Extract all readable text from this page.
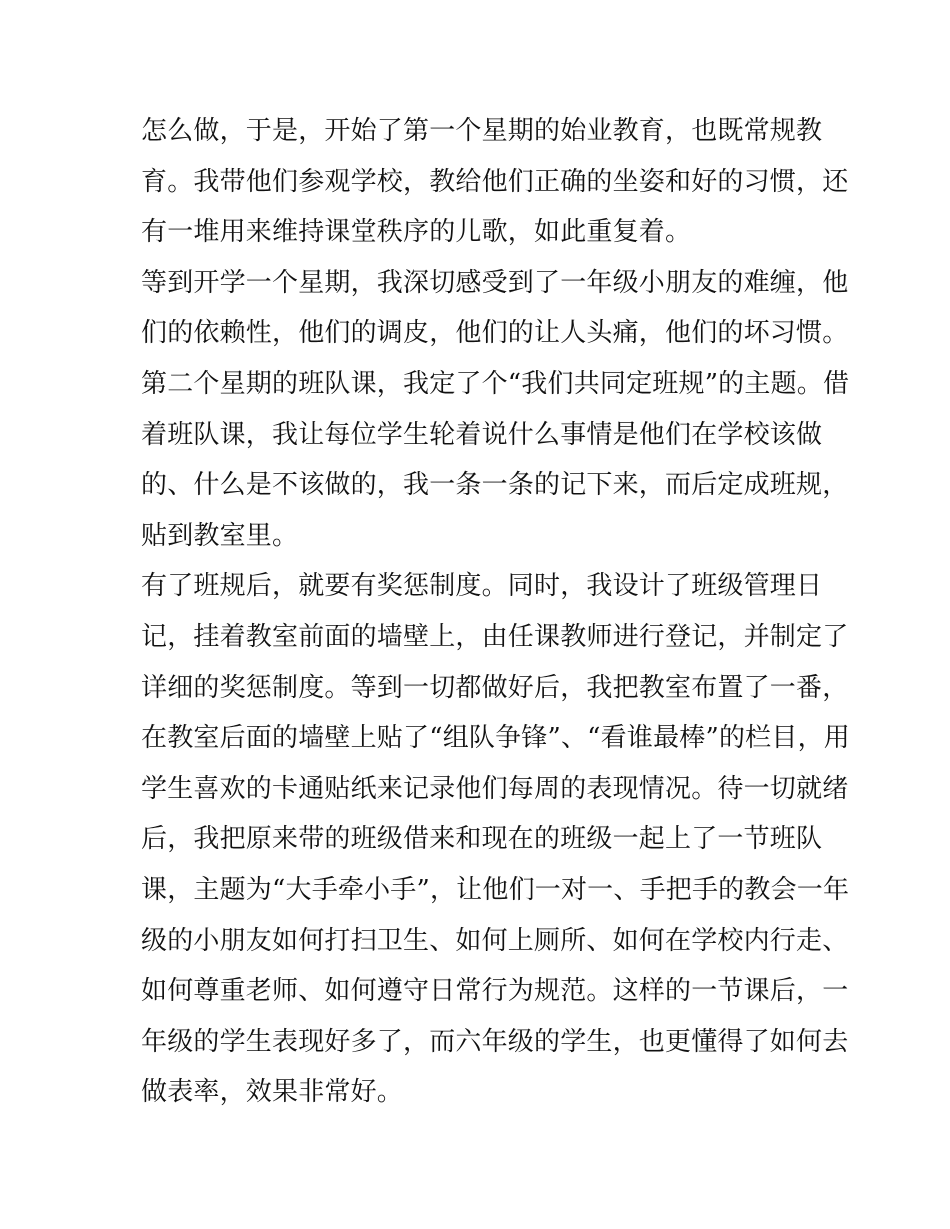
怎么做，于是，开始了第一个星期的始业教育，也既常规教
育。我带他们参观学校，教给他们正确的坐姿和好的习惯，还
有一堆用来维持课堂秩序的儿歌，如此重复着。
等到开学一个星期，我深切感受到了一年级小朋友的难缠，他
们的依赖性，他们的调皮，他们的让人头痛，他们的坏习惯。
第二个星期的班队课，我定了个“我们共同定班规”的主题。借
着班队课，我让每位学生轮着说什么事情是他们在学校该做
的、什么是不该做的，我一条一条的记下来，而后定成班规，
贴到教室里。
有了班规后，就要有奖惩制度。同时，我设计了班级管理日
记，挂着教室前面的墙壁上，由任课教师进行登记，并制定了
详细的奖惩制度。等到一切都做好后，我把教室布置了一番，
在教室后面的墙壁上贴了“组队争锋”、“看谁最棒”的栏目，用
学生喜欢的卡通贴纸来记录他们每周的表现情况。待一切就绪
后，我把原来带的班级借来和现在的班级一起上了一节班队
课，主题为“大手牵小手”，让他们一对一、手把手的教会一年
级的小朋友如何打扫卫生、如何上厕所、如何在学校内行走、
如何尊重老师、如何遵守日常行为规范。这样的一节课后，一
年级的学生表现好多了，而六年级的学生，也更懂得了如何去
做表率，效果非常好。
